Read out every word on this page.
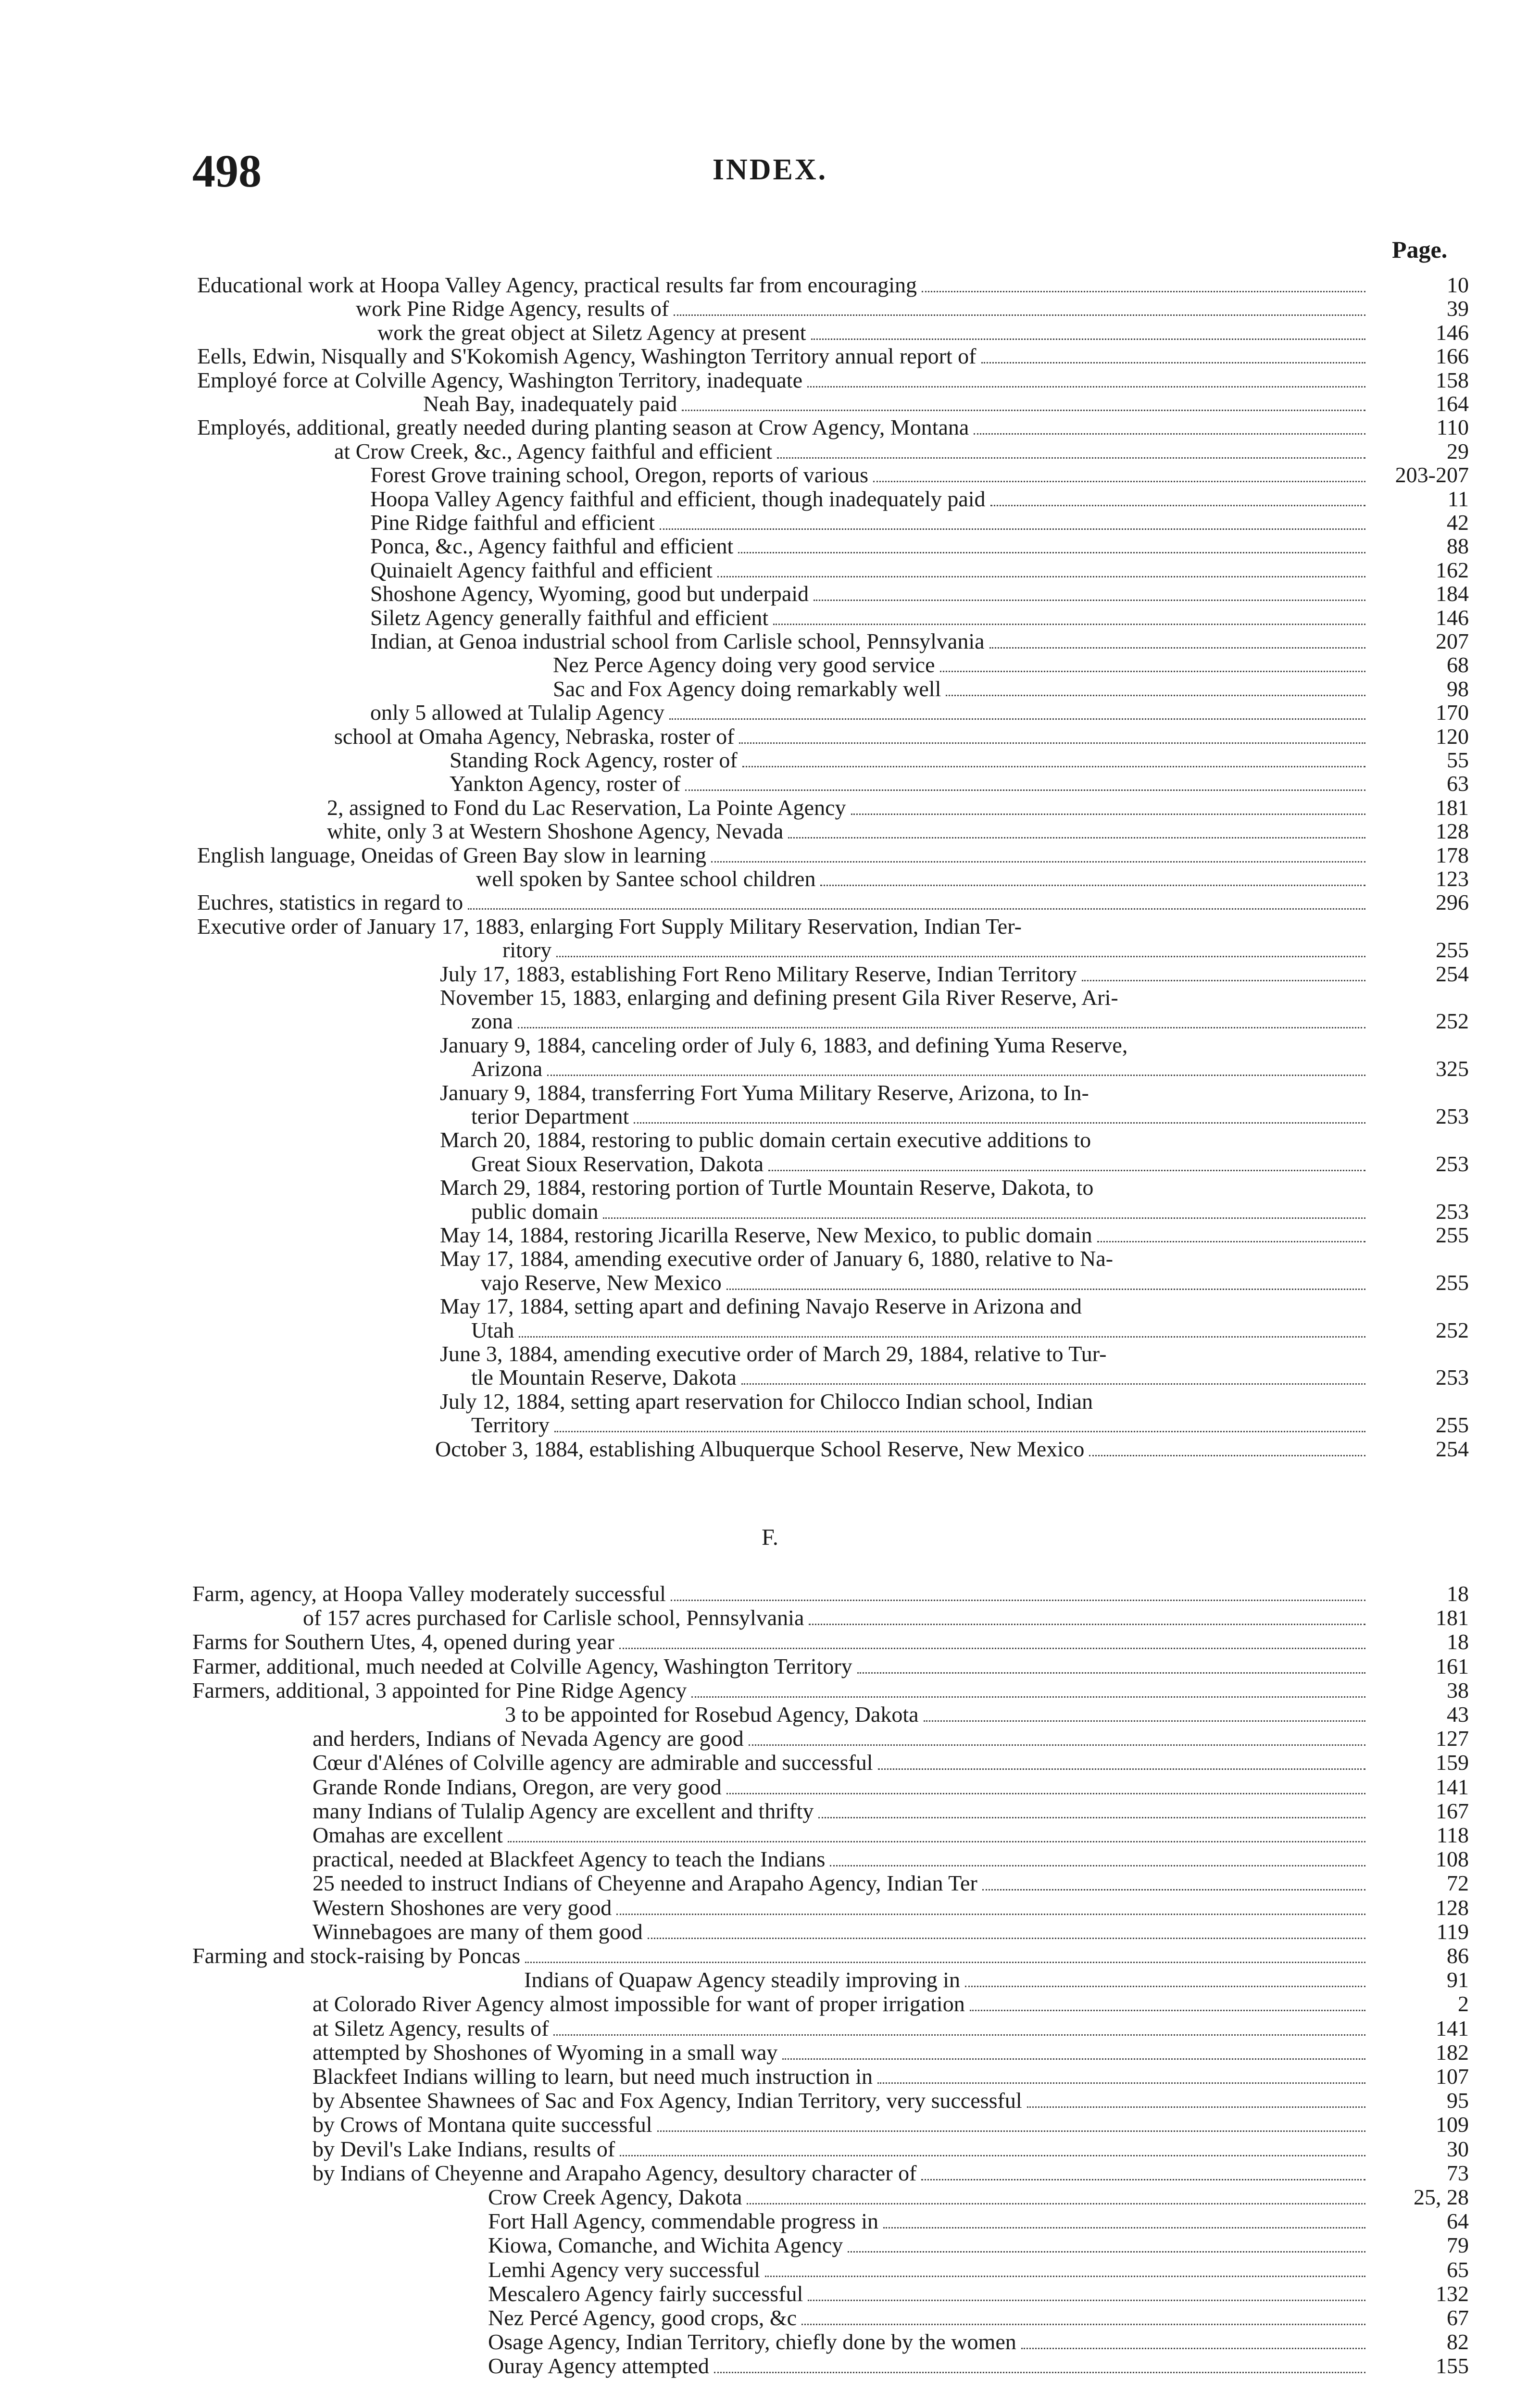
498	INDEX.
Page.
F.
Educational work at Hoopa Valley Agency, practical results far from encouraging	10
work Pine Ridge Agency, results of	39
work the great object at Siletz Agency at present	146
Eells, Edwin, Nisqually and S'Kokomish Agency, Washington Territory annual report of	166
Employé force at Colville Agency, Washington Territory, inadequate	158
Neah Bay, inadequately paid	164
Employés, additional, greatly needed during planting season at Crow Agency, Montana	110
at Crow Creek, &c., Agency faithful and efficient	29
Forest Grove training school, Oregon, reports of various	203-207
Hoopa Valley Agency faithful and efficient, though inadequately paid	11
Pine Ridge faithful and efficient	42
Ponca, &c., Agency faithful and efficient	88
Quinaielt Agency faithful and efficient	162
Shoshone Agency, Wyoming, good but underpaid	184
Siletz Agency generally faithful and efficient	146
Indian, at Genoa industrial school from Carlisle school, Pennsylvania	207
Nez Perce Agency doing very good service	68
Sac and Fox Agency doing remarkably well	98
only 5 allowed at Tulalip Agency	170
school at Omaha Agency, Nebraska, roster of	120
Standing Rock Agency, roster of	55
Yankton Agency, roster of	63
2, assigned to Fond du Lac Reservation, La Pointe Agency	181
white, only 3 at Western Shoshone Agency, Nevada	128
English language, Oneidas of Green Bay slow in learning	178
well spoken by Santee school children	123
Euchres, statistics in regard to	296
Executive order of January 17, 1883, enlarging Fort Supply Military Reservation, Indian Ter-
ritory	255
July 17, 1883, establishing Fort Reno Military Reserve, Indian Territory	254
November 15, 1883, enlarging and defining present Gila River Reserve, Ari-
zona	252
January 9, 1884, canceling order of July 6, 1883, and defining Yuma Reserve,
Arizona	325
January 9, 1884, transferring Fort Yuma Military Reserve, Arizona, to In-
terior Department	253
March 20, 1884, restoring to public domain certain executive additions to
Great Sioux Reservation, Dakota	253
March 29, 1884, restoring portion of Turtle Mountain Reserve, Dakota, to
public domain	253
May 14, 1884, restoring Jicarilla Reserve, New Mexico, to public domain	255
May 17, 1884, amending executive order of January 6, 1880, relative to Na-
vajo Reserve, New Mexico	255
May 17, 1884, setting apart and defining Navajo Reserve in Arizona and
Utah	252
June 3, 1884, amending executive order of March 29, 1884, relative to Tur-
tle Mountain Reserve, Dakota	253
July 12, 1884, setting apart reservation for Chilocco Indian school, Indian
Territory	255
October 3, 1884, establishing Albuquerque School Reserve, New Mexico	254
Farm, agency, at Hoopa Valley moderately successful	18
of 157 acres purchased for Carlisle school, Pennsylvania	181
Farms for Southern Utes, 4, opened during year	18
Farmer, additional, much needed at Colville Agency, Washington Territory	161
Farmers, additional, 3 appointed for Pine Ridge Agency	38
3 to be appointed for Rosebud Agency, Dakota	43
and herders, Indians of Nevada Agency are good	127
Cœur d'Alénes of Colville agency are admirable and successful	159
Grande Ronde Indians, Oregon, are very good	141
many Indians of Tulalip Agency are excellent and thrifty	167
Omahas are excellent	118
practical, needed at Blackfeet Agency to teach the Indians	108
25 needed to instruct Indians of Cheyenne and Arapaho Agency, Indian Ter	72
Western Shoshones are very good	128
Winnebagoes are many of them good	119
Farming and stock-raising by Poncas	86
Indians of Quapaw Agency steadily improving in	91
at Colorado River Agency almost impossible for want of proper irrigation	2
at Siletz Agency, results of	141
attempted by Shoshones of Wyoming in a small way	182
Blackfeet Indians willing to learn, but need much instruction in	107
by Absentee Shawnees of Sac and Fox Agency, Indian Territory, very successful	95
by Crows of Montana quite successful	109
by Devil's Lake Indians, results of	30
by Indians of Cheyenne and Arapaho Agency, desultory character of	73
Crow Creek Agency, Dakota	25, 28
Fort Hall Agency, commendable progress in	64
Kiowa, Comanche, and Wichita Agency	79
Lemhi Agency very successful	65
Mescalero Agency fairly successful	132
Nez Percé Agency, good crops, &c	67
Osage Agency, Indian Territory, chiefly done by the women	82
Ouray Agency attempted	155
